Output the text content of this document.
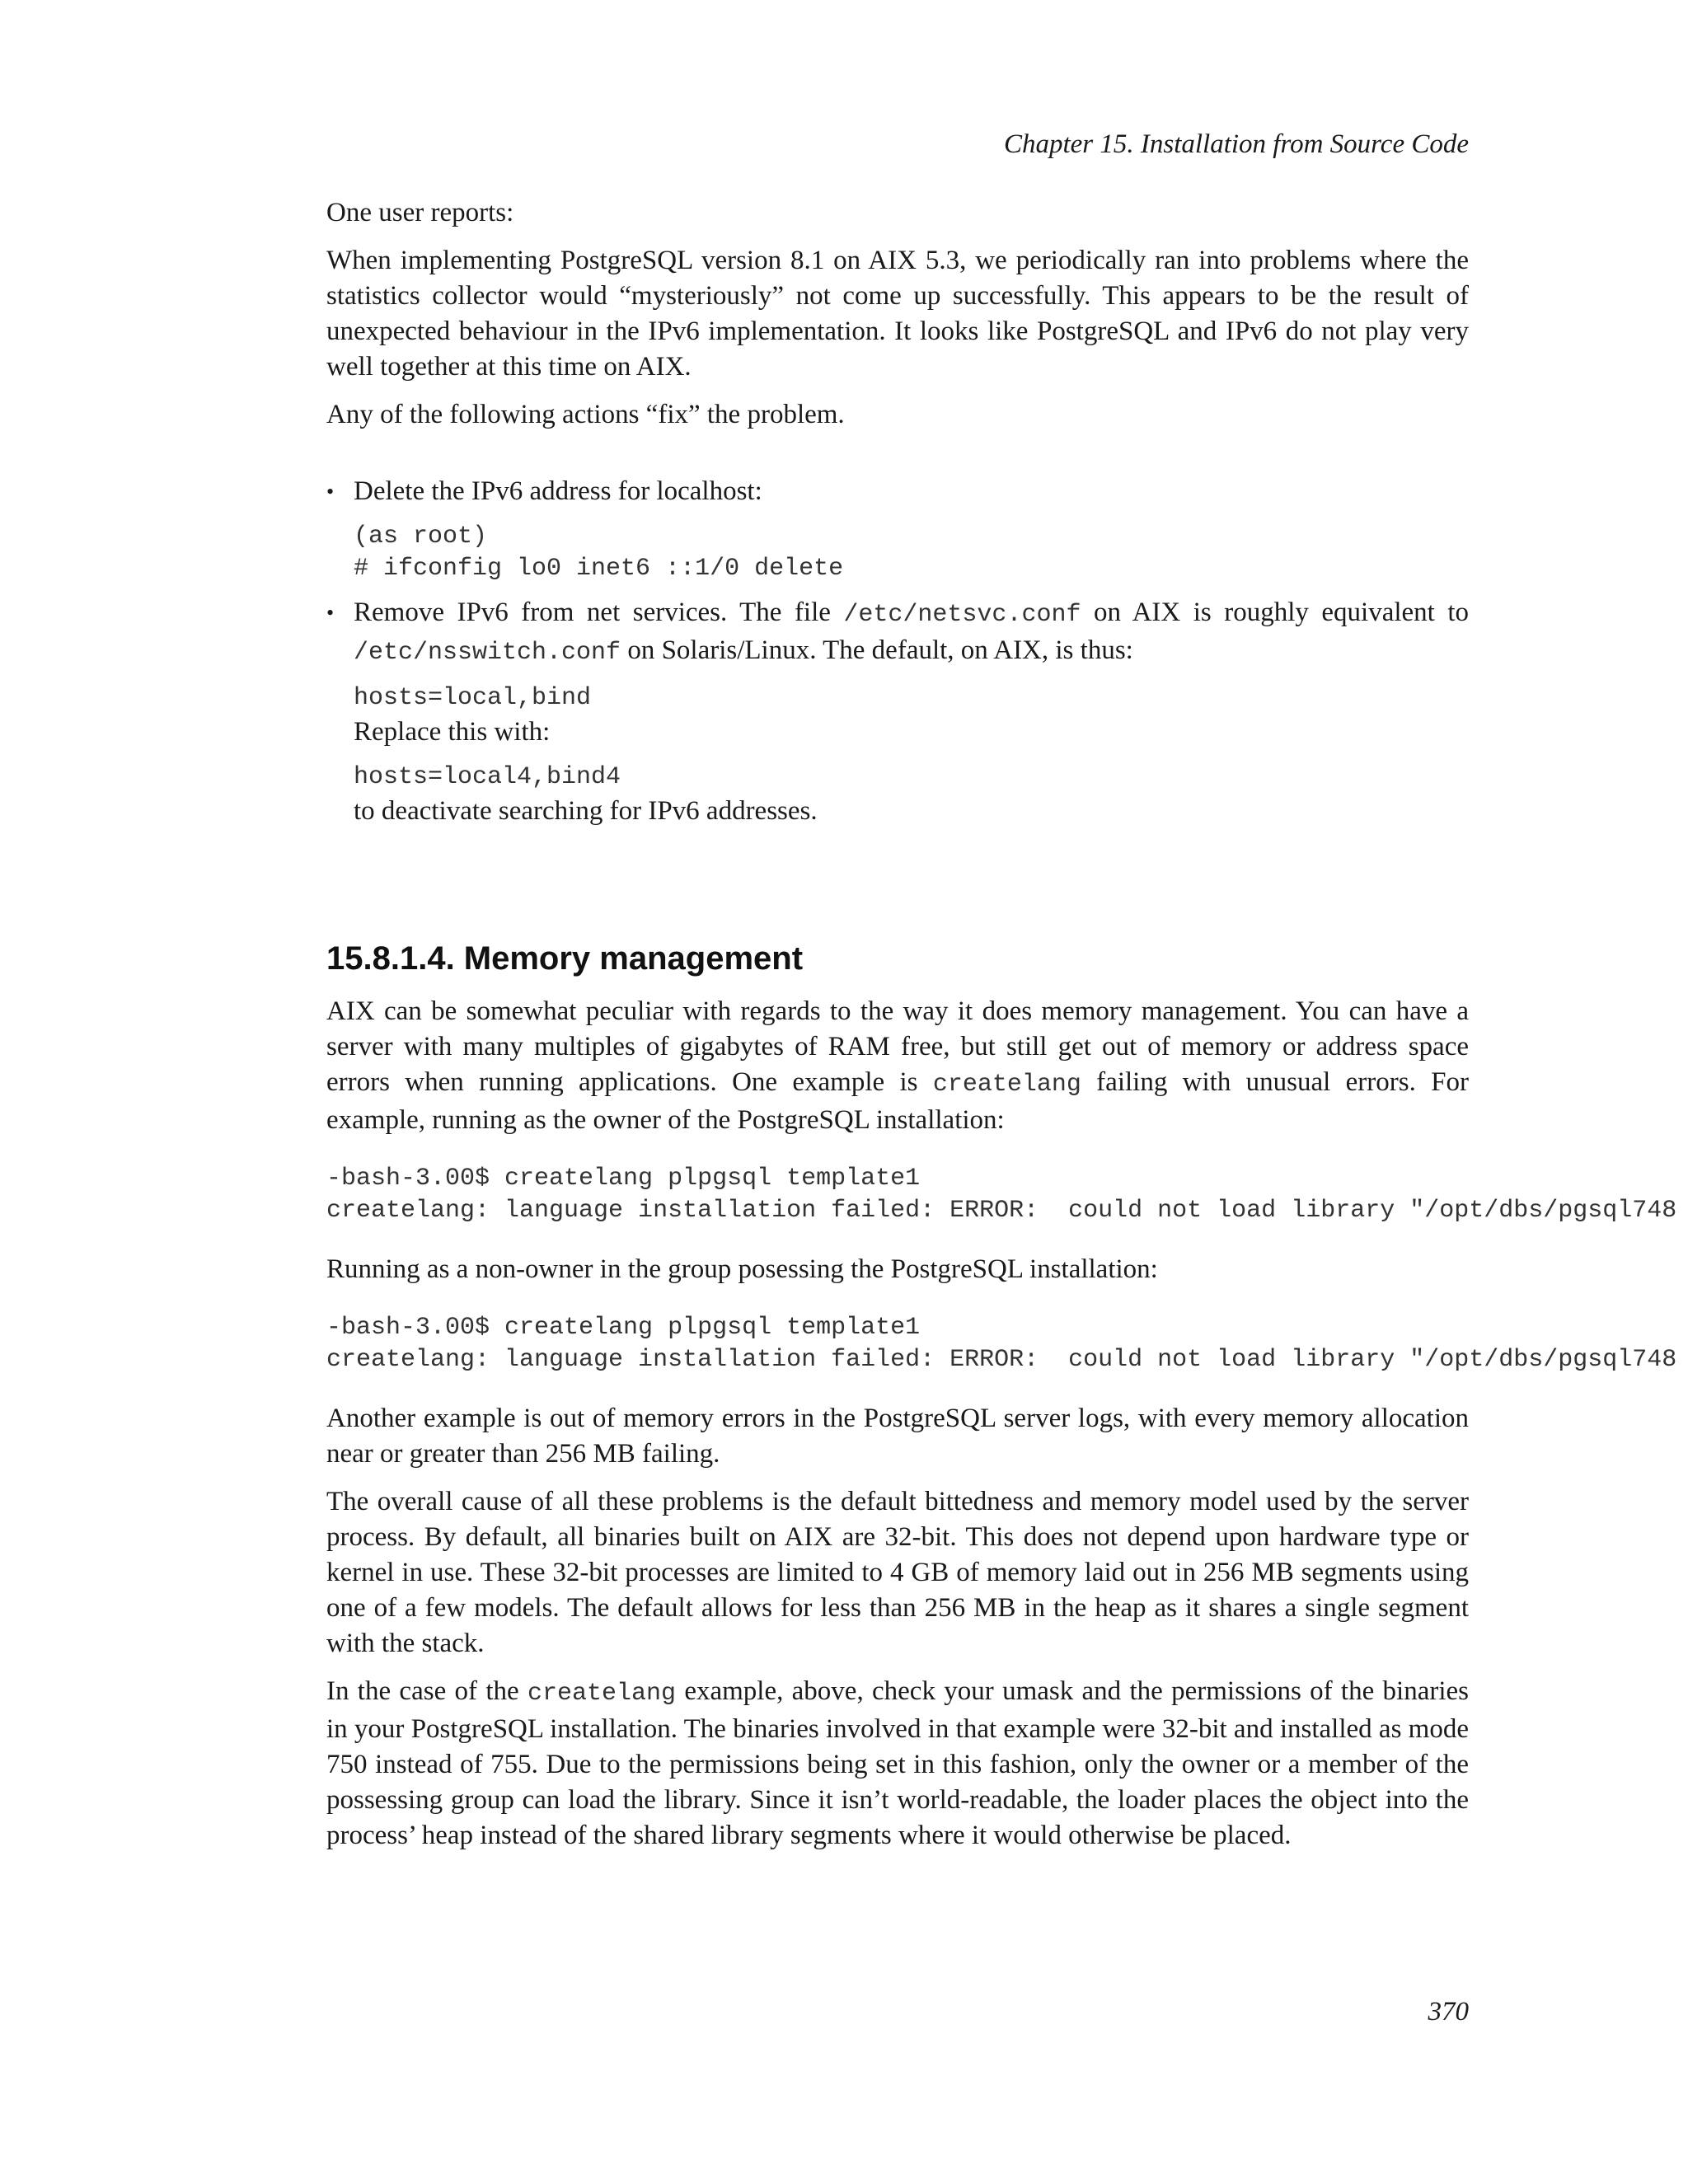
Chapter 15. Installation from Source Code

One user reports:

When implementing PostgreSQL version 8.1 on AIX 5.3, we periodically ran into problems where the statistics collector would “mysteriously” not come up successfully. This appears to be the result of unexpected behaviour in the IPv6 implementation. It looks like PostgreSQL and IPv6 do not play very well together at this time on AIX.

Any of the following actions “fix” the problem.

• Delete the IPv6 address for localhost:

(as root)
# ifconfig lo0 inet6 ::1/0 delete
• Remove IPv6 from net services. The file /etc/netsvc.conf on AIX is roughly equivalent to /etc/nsswitch.conf on Solaris/Linux. The default, on AIX, is thus:

hosts=local,bind

Replace this with:

hosts=local4,bind4

to deactivate searching for IPv6 addresses.

15.8.1.4. Memory management

AIX can be somewhat peculiar with regards to the way it does memory management. You can have a server with many multiples of gigabytes of RAM free, but still get out of memory or address space errors when running applications. One example is createlang failing with unusual errors. For example, running as the owner of the PostgreSQL installation:

-bash-3.00$ createlang plpgsql template1
createlang: language installation failed: ERROR:  could not load library "/opt/dbs/pgsql748

Running as a non-owner in the group posessing the PostgreSQL installation:

-bash-3.00$ createlang plpgsql template1
createlang: language installation failed: ERROR:  could not load library "/opt/dbs/pgsql748

Another example is out of memory errors in the PostgreSQL server logs, with every memory allocation near or greater than 256 MB failing.

The overall cause of all these problems is the default bittedness and memory model used by the server process. By default, all binaries built on AIX are 32-bit. This does not depend upon hardware type or kernel in use. These 32-bit processes are limited to 4 GB of memory laid out in 256 MB segments using one of a few models. The default allows for less than 256 MB in the heap as it shares a single segment with the stack.

In the case of the createlang example, above, check your umask and the permissions of the binaries in your PostgreSQL installation. The binaries involved in that example were 32-bit and installed as mode 750 instead of 755. Due to the permissions being set in this fashion, only the owner or a member of the possessing group can load the library. Since it isn’t world-readable, the loader places the object into the process’ heap instead of the shared library segments where it would otherwise be placed.

370
